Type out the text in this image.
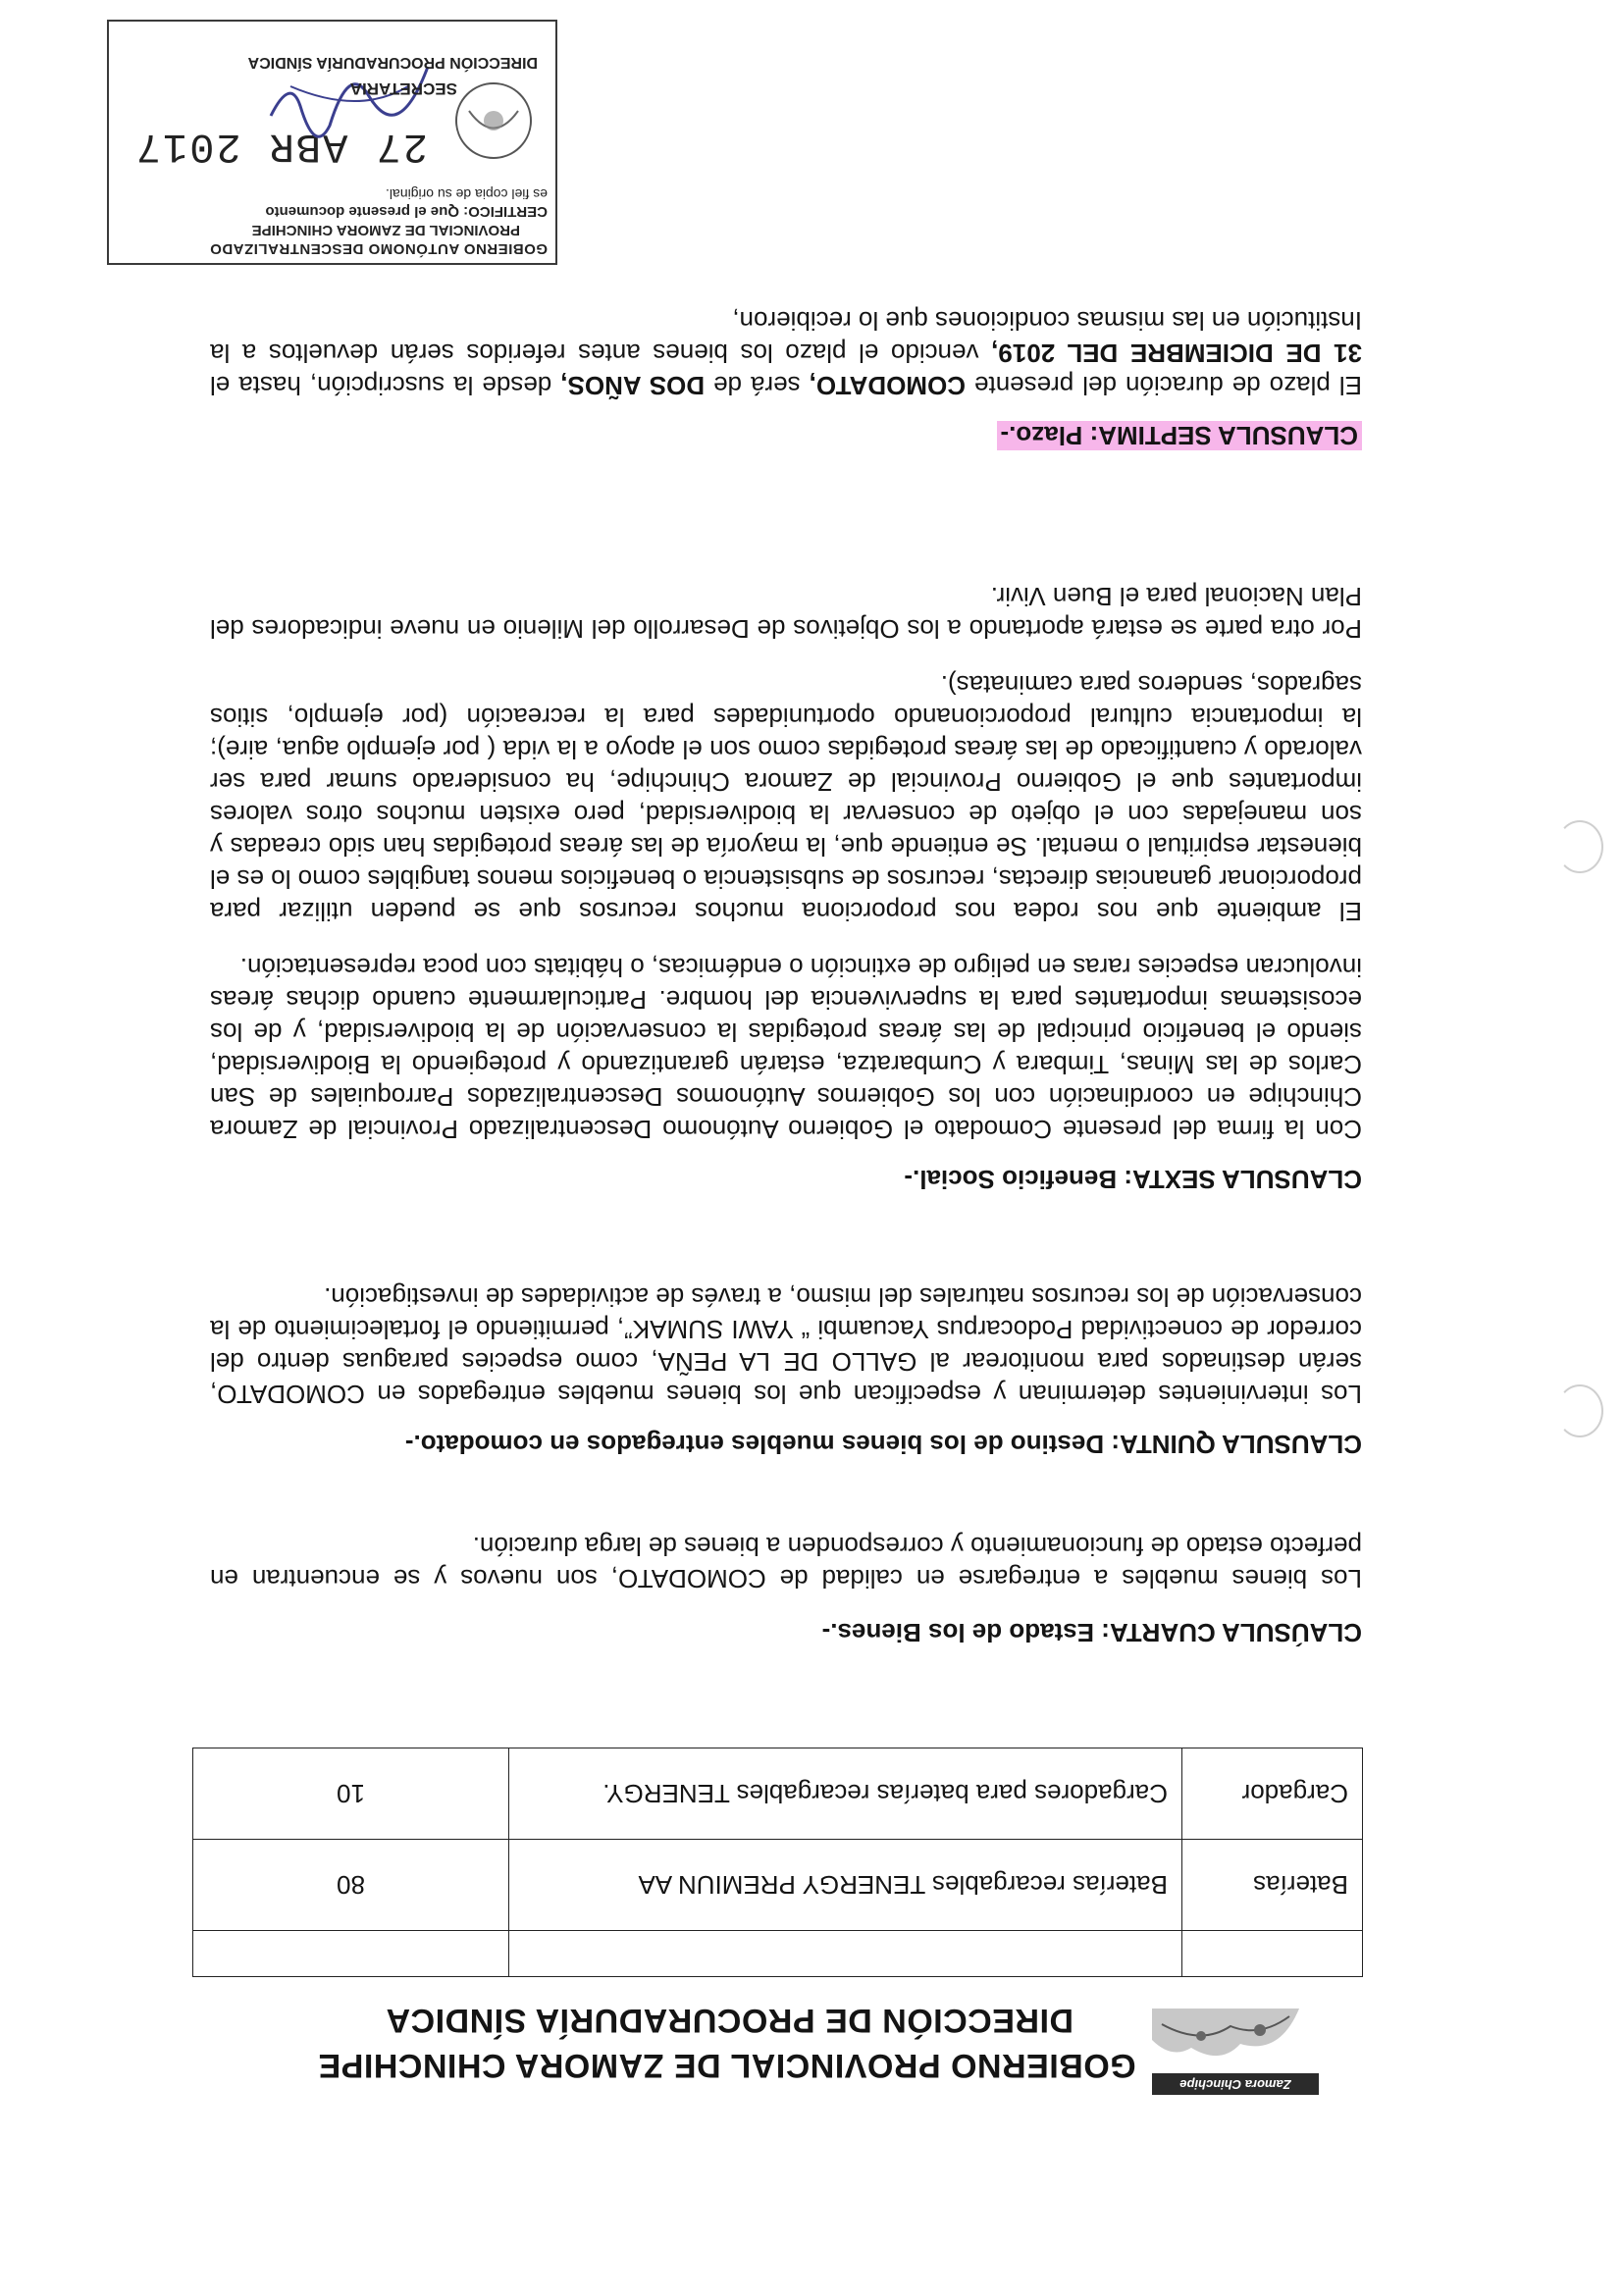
Zamora Chinchipe
GOBIERNO PROVINCIAL DE ZAMORA CHINCHIPE
DIRECCIÓN DE PROCURADURÍA SÍNDICA

Baterías	Baterías recargables TENERGY PREMIUN AA	80
Cargador	Cargadores para baterías recargables TENERGY.	10
CLAÚSULA CUARTA: Estado de los Bienes.-

Los bienes muebles a entregarse en calidad de COMODATO, son nuevos y se encuentran en perfecto estado de funcionamiento y corresponden a bienes de larga duración.

CLAUSULA QUINTA: Destino de los bienes muebles entregados en comodato.-

Los intervinientes determinan y especifican que los bienes muebles entregados en COMODATO, serán destinados para monitorear al GALLO DE LA PEÑA, como especies paraguas dentro del corredor de conectividad Podocarpus Yacuambi “ YAWI SUMAK”, permitiendo el fortalecimiento de la conservación de los recursos naturales del mismo, a través de actividades de investigación.

CLAUSULA SEXTA: Beneficio Social.-

Con la firma del presente Comodato el Gobierno Autónomo Descentralizado Provincial de Zamora Chinchipe en coordinación con los Gobiernos Autónomos Descentralizados Parroquiales de San Carlos de las Minas, Timbara y Cumbaratza, estarán garantizando y protegiendo la Biodiversidad, siendo el beneficio principal de las áreas protegidas la conservación de la biodiversidad, y de los ecosistemas importantes para la supervivencia del hombre. Particularmente cuando dichas áreas involucran especies raras en peligro de extinción o endémicas, o hábitats con poca representación.

El ambiente que nos rodea nos proporciona muchos recursos que se pueden utilizar para proporcionar ganancias directas, recursos de subsistencia o beneficios menos tangibles como lo es el bienestar espiritual o mental. Se entiende que, la mayoría de las áreas protegidas han sido creadas y son manejadas con el objeto de conservar la biodiversidad, pero existen muchos otros valores importantes que el Gobierno Provincial de Zamora Chinchipe, ha considerado sumar para ser valorado y cuantificado de las áreas protegidas como son el apoyo a la vida ( por ejemplo agua, aire); la importancia cultural proporcionando oportunidades para la recreación (por ejemplo, sitios sagrados, senderos para caminatas).

Por otra parte se estará aportando a los Objetivos de Desarrollo del Milenio en nueve indicadores del Plan Nacional para el Buen Vivir.

CLAUSULA SEPTIMA: Plazo.-

El plazo de duración del presente COMODATO, será de DOS AÑOS, desde la suscripción, hasta el 31 DE DICIEMBRE DEL 2019, vencido el plazo los bienes antes referidos serán devueltos a la Institución en las mismas condiciones que lo recibieron,

GOBIERNO AUTÓNOMO DESCENTRALIZADO
PROVINCIAL DE ZAMORA CHINCHIPE
CERTIFICO: Que el presente documento
es fiel copia de su original.
27 ABR 2017
SECRETARIA
DIRECCIÓN PROCURADURÍA SÍNDICA
